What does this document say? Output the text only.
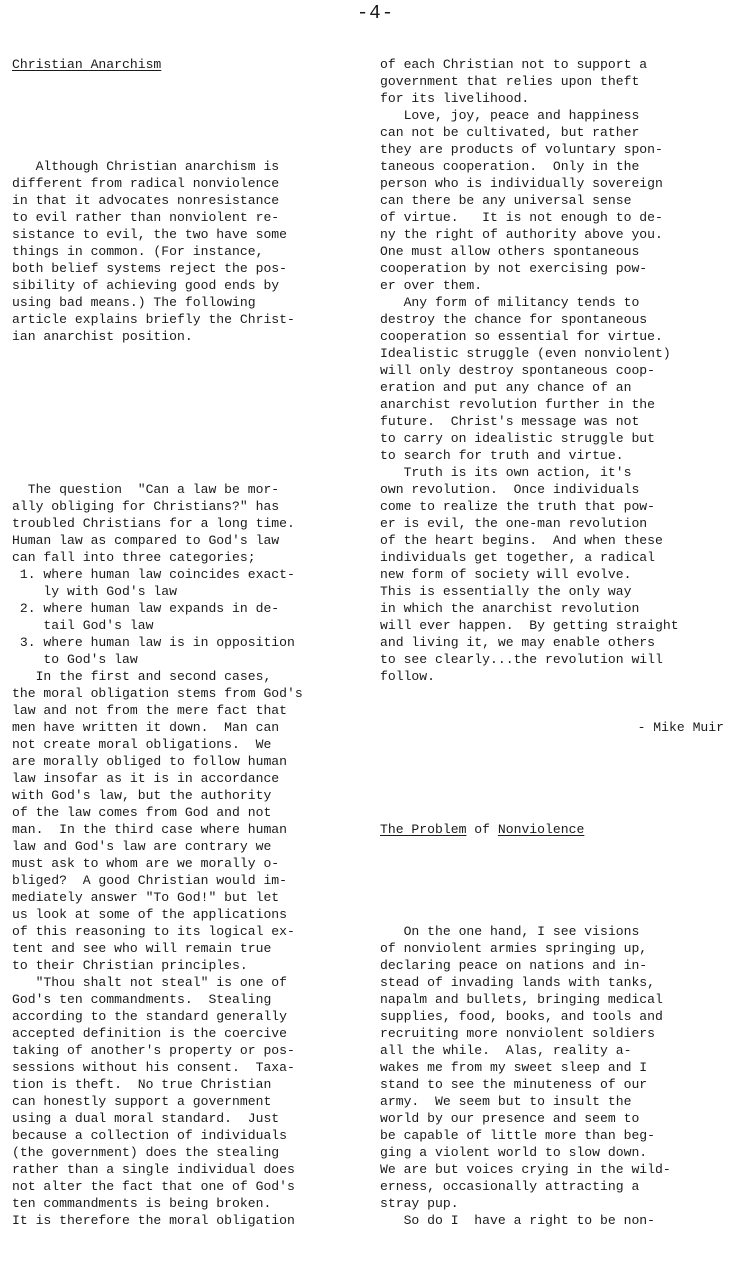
-4-

Christian Anarchism

Although Christian anarchism is
different from radical nonviolence
in that it advocates nonresistance
to evil rather than nonviolent re-
sistance to evil, the two have some
things in common. (For instance,
both belief systems reject the pos-
sibility of achieving good ends by
using bad means.) The following
article explains briefly the Christ-
ian anarchist position.

The question  "Can a law be mor-
ally obliging for Christians?" has
troubled Christians for a long time.
Human law as compared to God's law
can fall into three categories;
1. where human law coincides exact-
ly with God's law
2. where human law expands in de-
tail God's law
3. where human law is in opposition
to God's law
In the first and second cases,
the moral obligation stems from God's
law and not from the mere fact that
men have written it down.  Man can
not create moral obligations.  We
are morally obliged to follow human
law insofar as it is in accordance
with God's law, but the authority
of the law comes from God and not
man.  In the third case where human
law and God's law are contrary we
must ask to whom are we morally o-
bliged?  A good Christian would im-
mediately answer "To God!" but let
us look at some of the applications
of this reasoning to its logical ex-
tent and see who will remain true
to their Christian principles.
"Thou shalt not steal" is one of
God's ten commandments.  Stealing
according to the standard generally
accepted definition is the coercive
taking of another's property or pos-
sessions without his consent.  Taxa-
tion is theft.  No true Christian
can honestly support a government
using a dual moral standard.  Just
because a collection of individuals
(the government) does the stealing
rather than a single individual does
not alter the fact that one of God's
ten commandments is being broken.
It is therefore the moral obligation

of each Christian not to support a
government that relies upon theft
for its livelihood.
Love, joy, peace and happiness
can not be cultivated, but rather
they are products of voluntary spon-
taneous cooperation.  Only in the
person who is individually sovereign
can there be any universal sense
of virtue.   It is not enough to de-
ny the right of authority above you.
One must allow others spontaneous
cooperation by not exercising pow-
er over them.
Any form of militancy tends to
destroy the chance for spontaneous
cooperation so essential for virtue.
Idealistic struggle (even nonviolent)
will only destroy spontaneous coop-
eration and put any chance of an
anarchist revolution further in the
future.  Christ's message was not
to carry on idealistic struggle but
to search for truth and virtue.
Truth is its own action, it's
own revolution.  Once individuals
come to realize the truth that pow-
er is evil, the one-man revolution
of the heart begins.  And when these
individuals get together, a radical
new form of society will evolve.
This is essentially the only way
in which the anarchist revolution
will ever happen.  By getting straight
and living it, we may enable others
to see clearly...the revolution will
follow.

- Mike Muir

The Problem of Nonviolence

On the one hand, I see visions
of nonviolent armies springing up,
declaring peace on nations and in-
stead of invading lands with tanks,
napalm and bullets, bringing medical
supplies, food, books, and tools and
recruiting more nonviolent soldiers
all the while.  Alas, reality a-
wakes me from my sweet sleep and I
stand to see the minuteness of our
army.  We seem but to insult the
world by our presence and seem to
be capable of little more than beg-
ging a violent world to slow down.
We are but voices crying in the wild-
erness, occasionally attracting a
stray pup.
So do I  have a right to be non-
